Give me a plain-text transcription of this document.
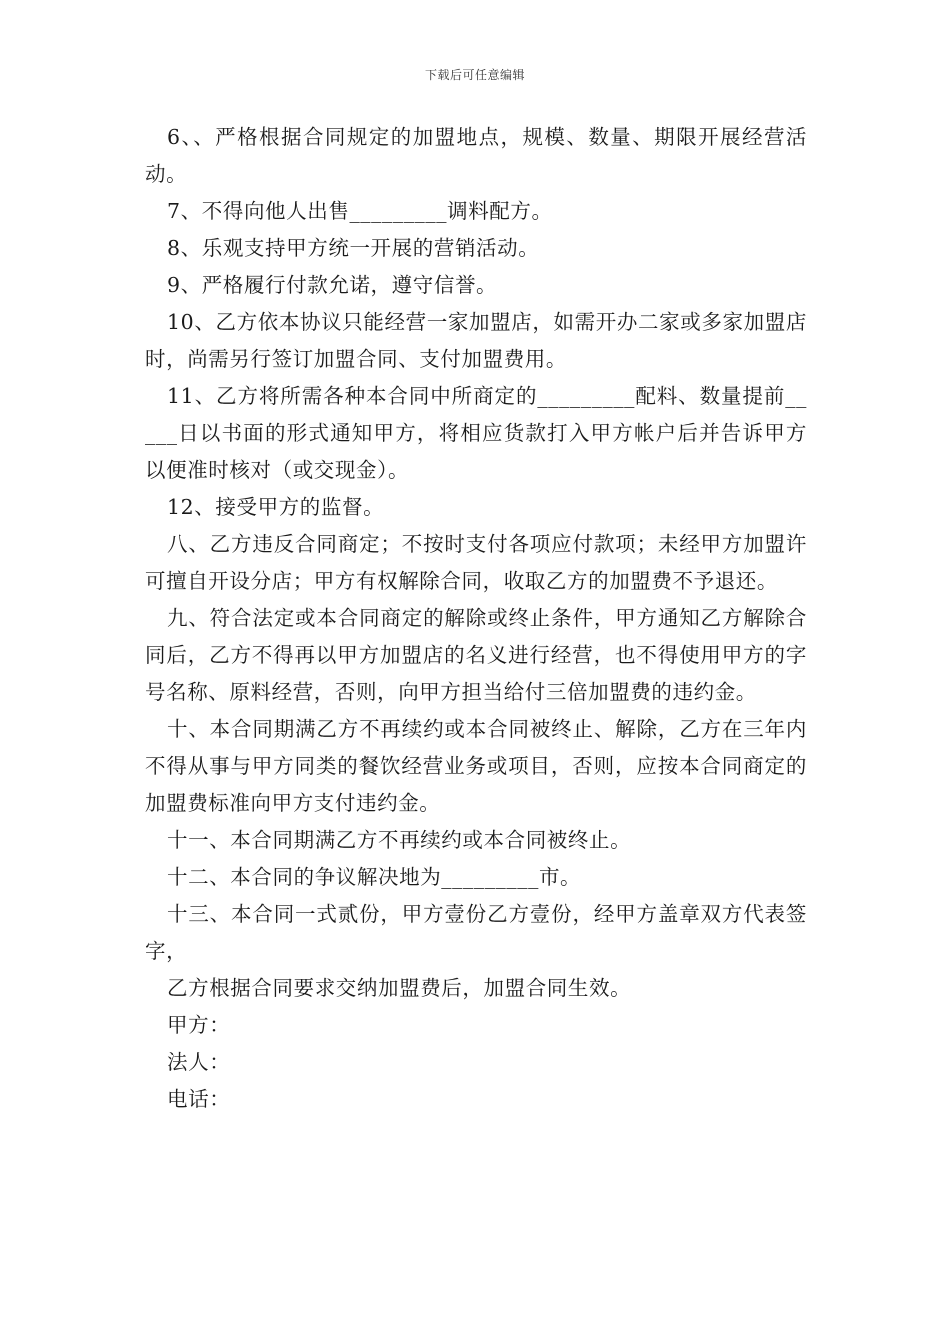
下载后可任意编辑

6、、严格根据合同规定的加盟地点，规模、数量、期限开展经营活动。

7、不得向他人出售_________调料配方。

8、乐观支持甲方统一开展的营销活动。

9、严格履行付款允诺，遵守信誉。

10、乙方依本协议只能经营一家加盟店，如需开办二家或多家加盟店时，尚需另行签订加盟合同、支付加盟费用。

11、乙方将所需各种本合同中所商定的_________配料、数量提前_____日以书面的形式通知甲方，将相应货款打入甲方帐户后并告诉甲方以便准时核对（或交现金）。

12、接受甲方的监督。

八、乙方违反合同商定；不按时支付各项应付款项；未经甲方加盟许可擅自开设分店；甲方有权解除合同，收取乙方的加盟费不予退还。

九、符合法定或本合同商定的解除或终止条件，甲方通知乙方解除合同后，乙方不得再以甲方加盟店的名义进行经营，也不得使用甲方的字号名称、原料经营，否则，向甲方担当给付三倍加盟费的违约金。

十、本合同期满乙方不再续约或本合同被终止、解除，乙方在三年内不得从事与甲方同类的餐饮经营业务或项目，否则，应按本合同商定的加盟费标准向甲方支付违约金。

十一、本合同期满乙方不再续约或本合同被终止。

十二、本合同的争议解决地为_________市。

十三、本合同一式贰份，甲方壹份乙方壹份，经甲方盖章双方代表签字，

乙方根据合同要求交纳加盟费后，加盟合同生效。

甲方：

法人：

电话：
